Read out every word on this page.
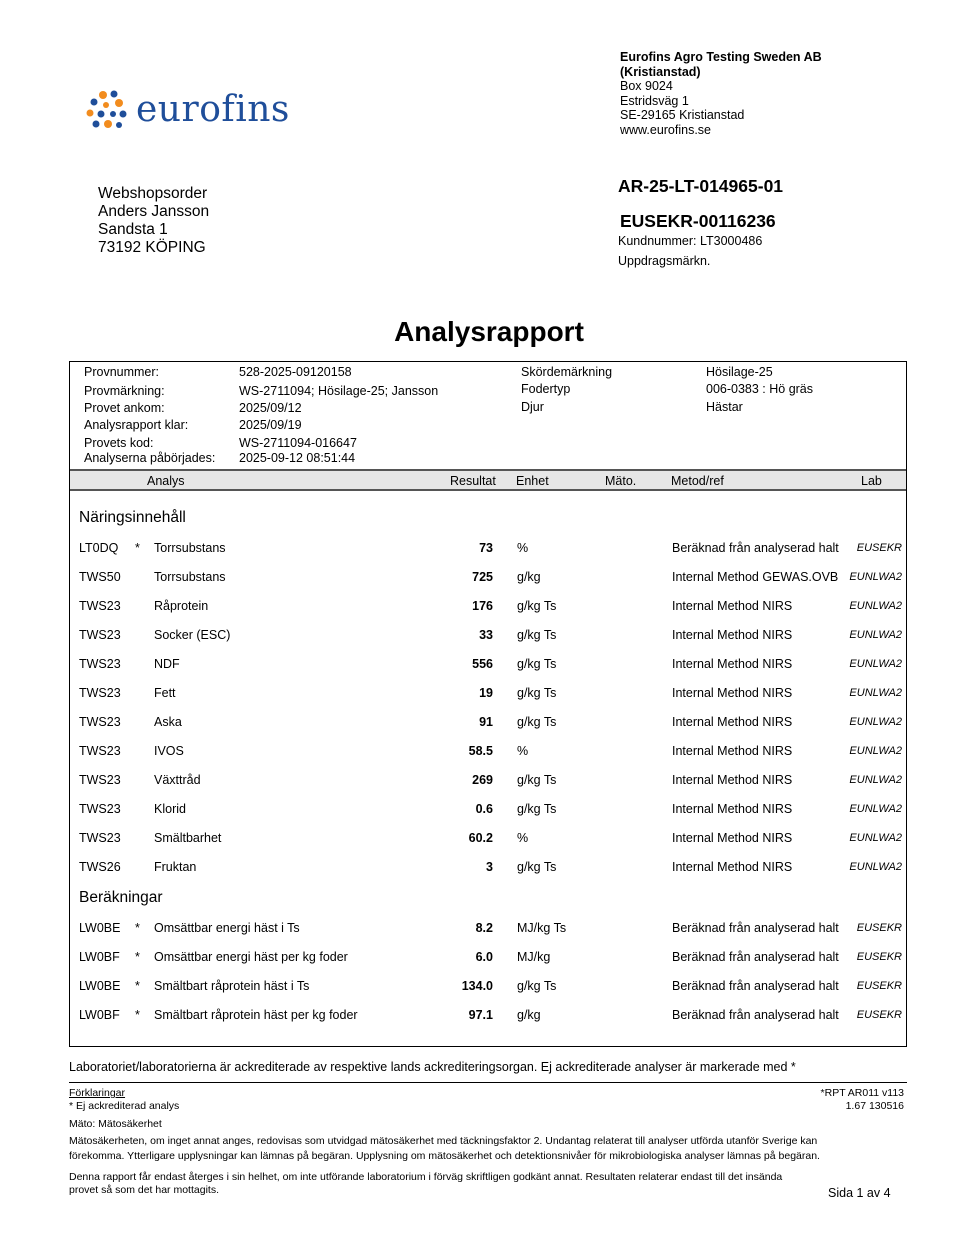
eurofins
Eurofins Agro Testing Sweden AB
(Kristianstad)
Box 9024
Estridsväg 1
SE-29165 Kristianstad
www.eurofins.se
Webshopsorder
Anders Jansson
Sandsta 1
73192 KÖPING
AR-25-LT-014965-01
EUSEKR-00116236
Kundnummer: LT3000486
Uppdragsmärkn.
Analysrapport
Provnummer:	528-2025-09120158
Provmärkning:	WS-2711094; Hösilage-25; Jansson
Provet ankom:	2025/09/12
Analysrapport klar:	2025/09/19
Provets kod:	WS-2711094-016647
Analyserna påbörjades: 2025-09-12 08:51:44
Skördemärkning	Hösilage-25
Fodertyp	006-0383 : Hö gräs
Djur	Hästar
Analys	Resultat Enhet	Mäto.	Metod/ref	Lab
Näringsinnehåll
LT0DQ * Torrsubstans	73 %	Beräknad från analyserad halt	EUSEKR
TWS50	Torrsubstans	725 g/kg	Internal Method GEWAS.OVB	EUNLWA2
TWS23	Råprotein	176 g/kg Ts	Internal Method NIRS	EUNLWA2
TWS23	Socker (ESC)	33 g/kg Ts	Internal Method NIRS	EUNLWA2
TWS23	NDF	556 g/kg Ts	Internal Method NIRS	EUNLWA2
TWS23	Fett	19 g/kg Ts	Internal Method NIRS	EUNLWA2
TWS23	Aska	91 g/kg Ts	Internal Method NIRS	EUNLWA2
TWS23	IVOS	58.5 %	Internal Method NIRS	EUNLWA2
TWS23	Växttråd	269 g/kg Ts	Internal Method NIRS	EUNLWA2
TWS23	Klorid	0.6 g/kg Ts	Internal Method NIRS	EUNLWA2
TWS23	Smältbarhet	60.2 %	Internal Method NIRS	EUNLWA2
TWS26	Fruktan	3 g/kg Ts	Internal Method NIRS	EUNLWA2
Beräkningar
LW0BE * Omsättbar energi häst i Ts	8.2 MJ/kg Ts	Beräknad från analyserad halt	EUSEKR
LW0BF * Omsättbar energi häst per kg foder	6.0 MJ/kg	Beräknad från analyserad halt	EUSEKR
LW0BE * Smältbart råprotein häst i Ts	134.0 g/kg Ts	Beräknad från analyserad halt	EUSEKR
LW0BF * Smältbart råprotein häst per kg foder	97.1 g/kg	Beräknad från analyserad halt	EUSEKR
Laboratoriet/laboratorierna är ackrediterade av respektive lands ackrediteringsorgan. Ej ackrediterade analyser är markerade med *
Förklaringar
* Ej ackrediterad analys
Mäto: Mätosäkerhet
Mätosäkerheten, om inget annat anges, redovisas som utvidgad mätosäkerhet med täckningsfaktor 2. Undantag relaterat till analyser utförda utanför Sverige kan förekomma. Ytterligare upplysningar kan lämnas på begäran. Upplysning om mätosäkerhet och detektionsnivåer för mikrobiologiska analyser lämnas på begäran.
Denna rapport får endast återges i sin helhet, om inte utförande laboratorium i förväg skriftligen godkänt annat. Resultaten relaterar endast till det insända provet så som det har mottagits.
*RPT AR011 v113
1.67 130516
Sida 1 av 4
